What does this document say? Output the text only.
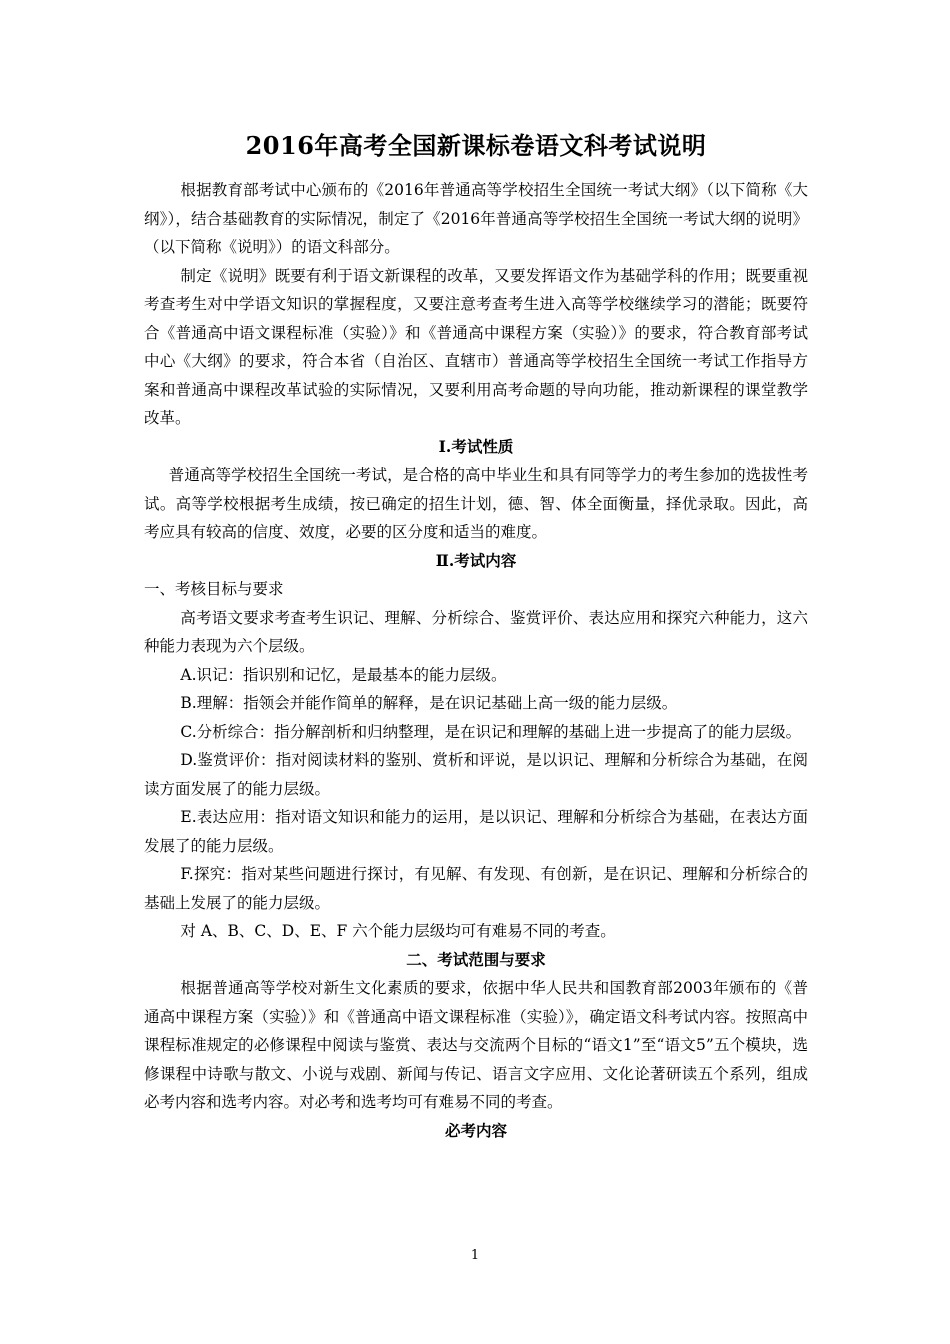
2016年高考全国新课标卷语文科考试说明

根据教育部考试中心颁布的《2016年普通高等学校招生全国统一考试大纲》（以下简称《大纲》），结合基础教育的实际情况，制定了《2016年普通高等学校招生全国统一考试大纲的说明》（以下简称《说明》）的语文科部分。

制定《说明》既要有利于语文新课程的改革，又要发挥语文作为基础学科的作用；既要重视考查考生对中学语文知识的掌握程度，又要注意考查考生进入高等学校继续学习的潜能；既要符合《普通高中语文课程标准（实验）》和《普通高中课程方案（实验）》的要求，符合教育部考试中心《大纲》的要求，符合本省（自治区、直辖市）普通高等学校招生全国统一考试工作指导方案和普通高中课程改革试验的实际情况，又要利用高考命题的导向功能，推动新课程的课堂教学改革。

Ⅰ.考试性质

普通高等学校招生全国统一考试，是合格的高中毕业生和具有同等学力的考生参加的选拔性考试。高等学校根据考生成绩，按已确定的招生计划，德、智、体全面衡量，择优录取。因此，高考应具有较高的信度、效度，必要的区分度和适当的难度。

Ⅱ.考试内容

一、考核目标与要求

高考语文要求考查考生识记、理解、分析综合、鉴赏评价、表达应用和探究六种能力，这六种能力表现为六个层级。

A.识记：指识别和记忆，是最基本的能力层级。

B.理解：指领会并能作简单的解释，是在识记基础上高一级的能力层级。

C.分析综合：指分解剖析和归纳整理，是在识记和理解的基础上进一步提高了的能力层级。

D.鉴赏评价：指对阅读材料的鉴别、赏析和评说，是以识记、理解和分析综合为基础，在阅读方面发展了的能力层级。

E.表达应用：指对语文知识和能力的运用，是以识记、理解和分析综合为基础，在表达方面发展了的能力层级。

F.探究：指对某些问题进行探讨，有见解、有发现、有创新，是在识记、理解和分析综合的基础上发展了的能力层级。

对 A、B、C、D、E、F 六个能力层级均可有难易不同的考查。

二、考试范围与要求

根据普通高等学校对新生文化素质的要求，依据中华人民共和国教育部2003年颁布的《普通高中课程方案（实验）》和《普通高中语文课程标准（实验）》，确定语文科考试内容。按照高中课程标准规定的必修课程中阅读与鉴赏、表达与交流两个目标的“语文1”至“语文5”五个模块，选修课程中诗歌与散文、小说与戏剧、新闻与传记、语言文字应用、文化论著研读五个系列，组成必考内容和选考内容。对必考和选考均可有难易不同的考查。

必考内容

1
